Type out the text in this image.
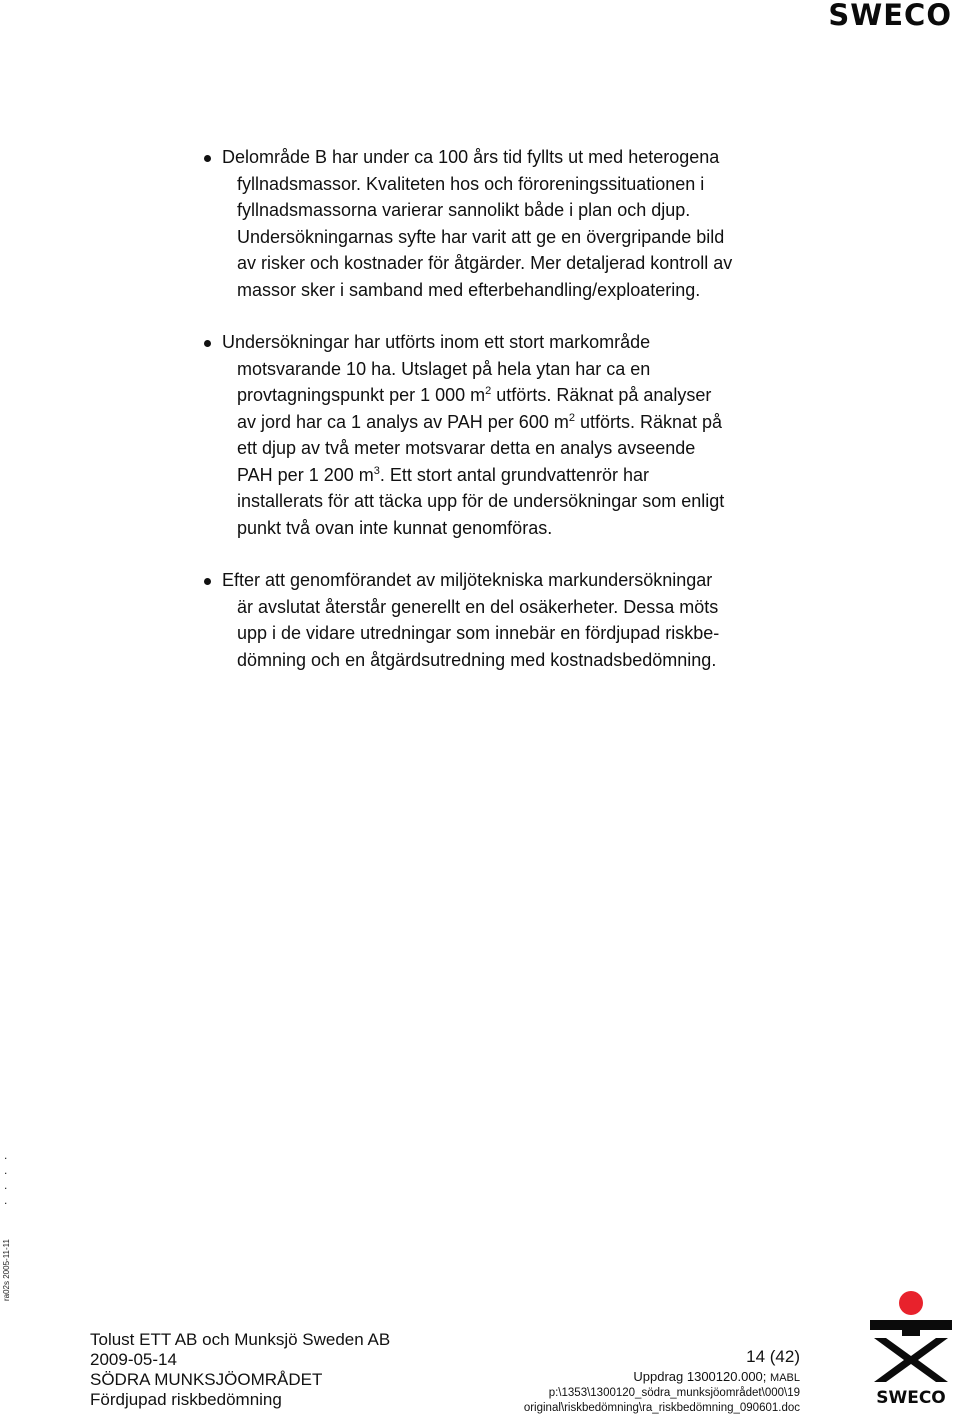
SWECO
Delområde B har under ca 100 års tid fyllts ut med heterogena
fyllnadsmassor. Kvaliteten hos och föroreningssituationen i
fyllnadsmassorna varierar sannolikt både i plan och djup.
Undersökningarnas syfte har varit att ge en övergripande bild
av risker och kostnader för åtgärder. Mer detaljerad kontroll av
massor sker i samband med efterbehandling/exploatering.
Undersökningar har utförts inom ett stort markområde
motsvarande 10 ha. Utslaget på hela ytan har ca en
provtagningspunkt per 1 000 $m^2$ utförts. Räknat på analyser
av jord har ca 1 analys av PAH per 600 $m^2$ utförts. Räknat på
ett djup av två meter motsvarar detta en analys avseende
PAH per 1 200 $m^3$. Ett stort antal grundvattenrör har
installerats för att täcka upp för de undersökningar som enligt
punkt två ovan inte kunnat genomföras.
Efter att genomförandet av miljötekniska markundersökningar
är avslutat återstår generellt en del osäkerheter. Dessa möts
upp i de vidare utredningar som innebär en fördjupad riskbe-
dömning och en åtgärdsutredning med kostnadsbedömning.
.
.
.
.
ra02s 2005-11-11
Tolust ETT AB och Munksjö Sweden AB
2009-05-14
SÖDRA MUNKSJÖOMRÅDET
Fördjupad riskbedömning
14 (42)
Uppdrag 1300120.000; MABL
p:\1353\1300120_södra_munksjöområdet\000\19
original\riskbedömning\ra_riskbedömning_090601.doc	SWECO
